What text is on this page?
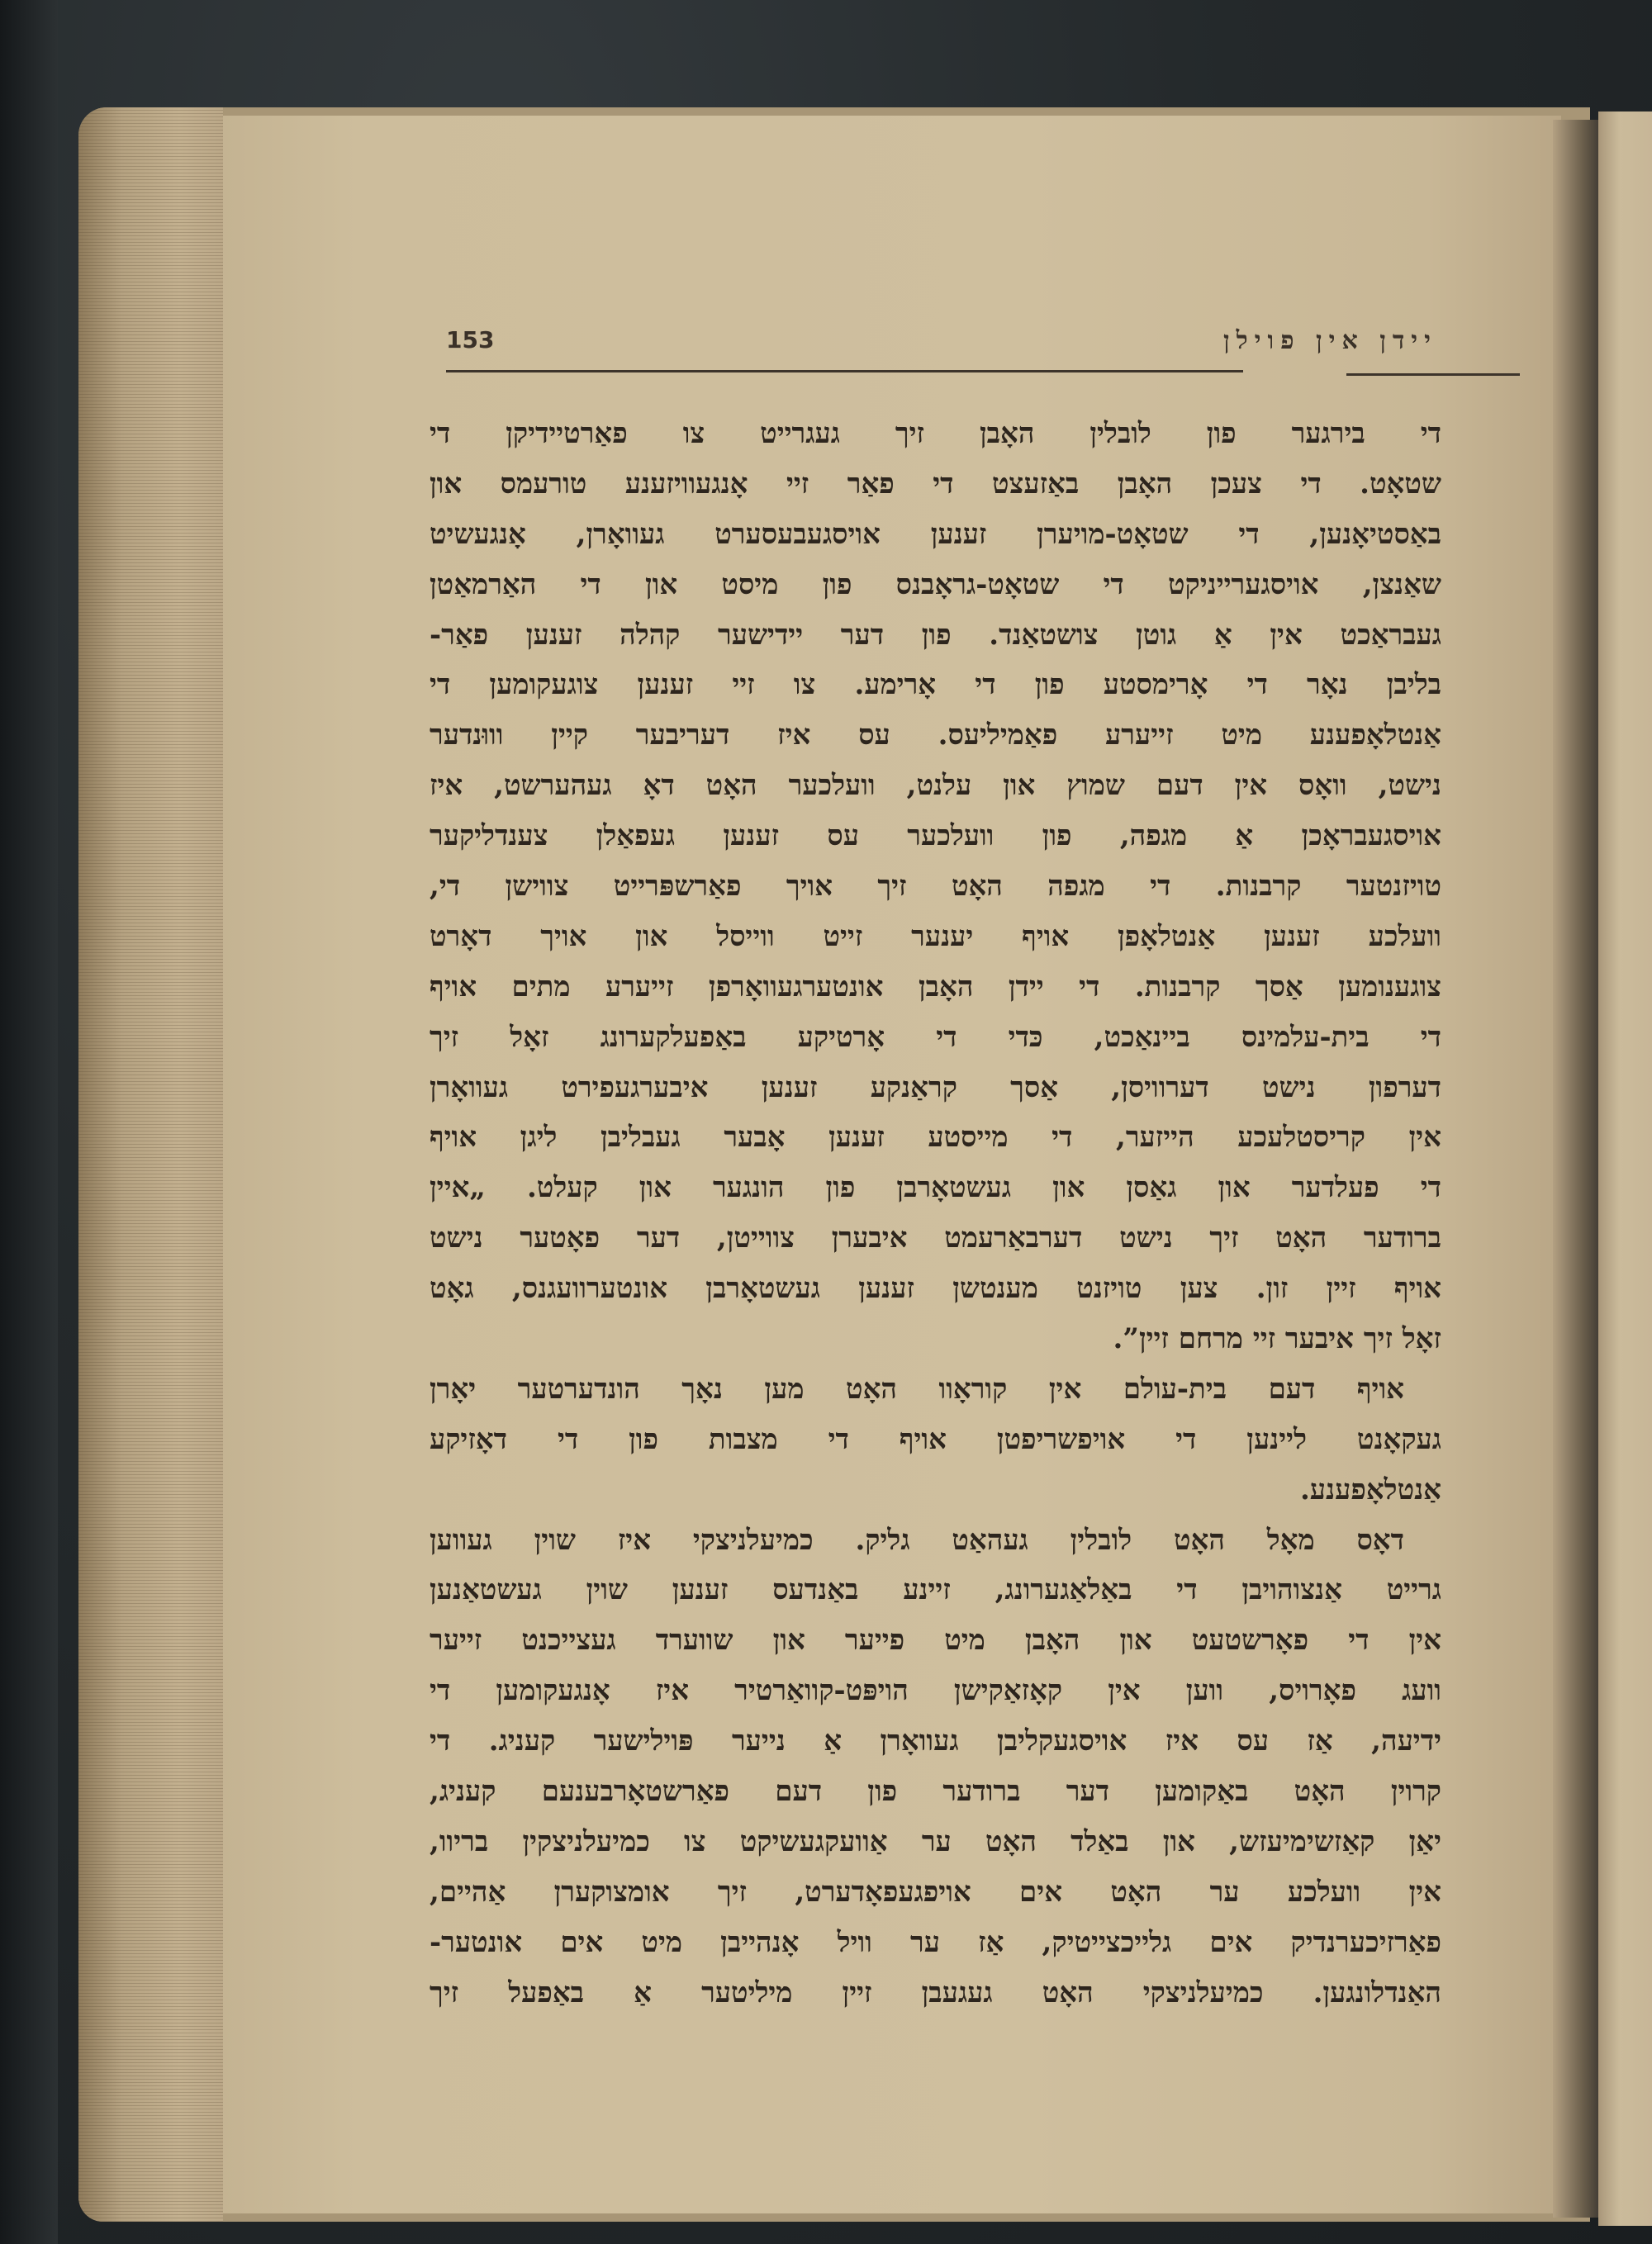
153	יידן אין פוילן
די בירגער פון לובלין האָבן זיך געגרייט צו פאַרטיידיקן די
שטאָט. די צעכן האָבן באַזעצט די פאַר זיי אָנגעוויזענע טורעמס און
באַסטיאָנען, די שטאָט-מויערן זענען אויסגעבעסערט געוואָרן, אָנגעשיט
שאַנצן, אויסגערייניקט די שטאָט-גראָבנס פון מיסט און די האַרמאַטן
געבראַכט אין אַ גוטן צושטאַנד. פון דער יידישער קהלה זענען פאַר-
בליבן נאָר די אָרימסטע פון די אָרימע. צו זיי זענען צוגעקומען די
אַנטלאָפענע מיט זייערע פאַמיליעס. עס איז דעריבער קיין וווּנדער
נישט, וואָס אין דעם שמוץ און עלנט, וועלכער האָט דאָ געהערשט, איז
אויסגעבראָכן אַ מגפה, פון וועלכער עס זענען געפאַלן צענדליקער
טויזנטער קרבנות. די מגפה האָט זיך אויך פאַרשפּרייט צווישן די,
וועלכע זענען אַנטלאָפן אויף יענער זייט ווייסל און אויך דאָרט
צוגענומען אַסך קרבנות. די יידן האָבן אונטערגעוואָרפן זייערע מתים אויף
די בית-עלמינס ביינאַכט, כּדי די אָרטיקע באַפעלקערונג זאָל זיך
דערפון נישט דערוויסן, אַסך קראַנקע זענען איבערגעפירט געוואָרן
אין קריסטלעכע הייזער, די מייסטע זענען אָבער געבליבן ליגן אויף
די פעלדער און גאַסן און געשטאָרבן פון הונגער און קעלט. „איין
ברודער האָט זיך נישט דערבאַרעמט איבערן צווייטן, דער פאָטער נישט
אויף זיין זון. צען טויזנט מענטשן זענען געשטאָרבן אונטערוועגנס, גאָט
זאָל זיך איבער זיי מרחם זיין”.
אויף דעם בית-עולם אין קוראָוו האָט מען נאָך הונדערטער יאָרן
געקאָנט ליינען די אויפשריפטן אויף די מצבות פון די דאָזיקע
אַנטלאָפענע.
דאָס מאָל האָט לובלין געהאַט גליק. כמיעלניצקי איז שוין געווען
גרייט אַנצוהויבן די באַלאַגערונג, זיינע באַנדעס זענען שוין געשטאַנען
אין די פאָרשטעט און האָבן מיט פייער און שווערד געצייכנט זייער
וועג פאָרויס, ווען אין קאָזאַקישן הויפּט-קוואַרטיר איז אָנגעקומען די
ידיעה, אַז עס איז אויסגעקליבן געוואָרן אַ נייער פּוילישער קעניג. די
קרוין האָט באַקומען דער ברודער פון דעם פאַרשטאָרבענעם קעניג,
יאַן קאַזשימיעזש, און באַלד האָט ער אַוועקגעשיקט צו כמיעלניצקין בריוו,
אין וועלכע ער האָט אים אויפגעפאָדערט, זיך אומצוקערן אַהיים,
פאַרזיכערנדיק אים גלייכצייטיק, אַז ער וויל אָנהייבן מיט אים אונטער-
האַנדלונגען. כמיעלניצקי האָט געגעבן זיין מיליטער אַ באַפעל זיך
